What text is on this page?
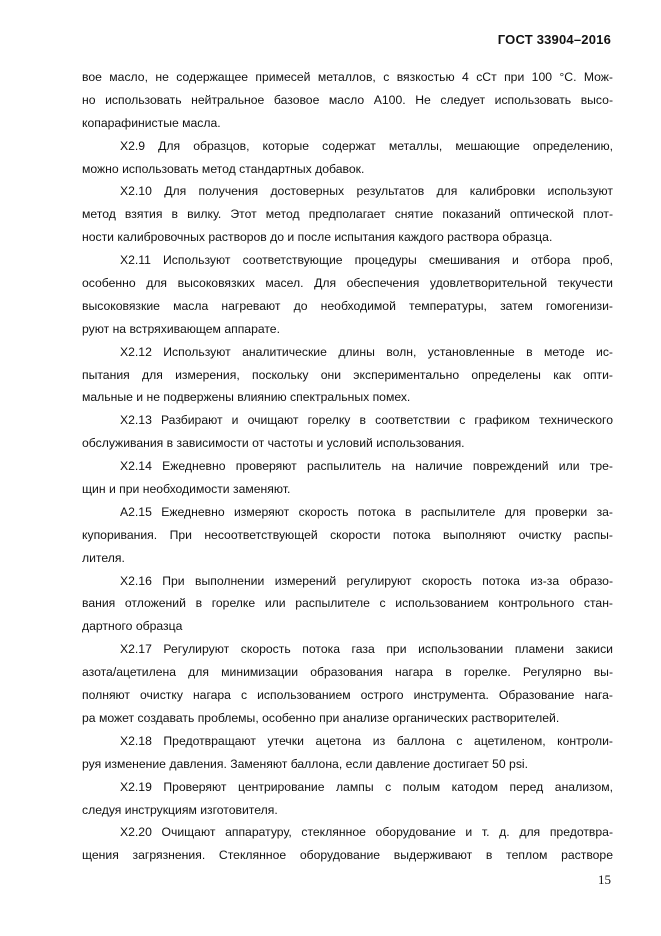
ГОСТ 33904–2016
вое масло, не содержащее примесей металлов, с вязкостью 4 сСт при 100 °С. Мож-
но использовать нейтральное базовое масло А100. Не следует использовать высо-
копарафинистые масла.
Х2.9 Для образцов, которые содержат металлы, мешающие определению,
можно использовать метод стандартных добавок.
Х2.10 Для получения достоверных результатов для калибровки используют
метод взятия в вилку. Этот метод предполагает снятие показаний оптической плот-
ности калибровочных растворов до и после испытания каждого раствора образца.
Х2.11 Используют соответствующие процедуры смешивания и отбора проб,
особенно для высоковязких масел. Для обеспечения удовлетворительной текучести
высоковязкие масла нагревают до необходимой температуры, затем гомогенизи-
руют на встряхивающем аппарате.
Х2.12 Используют аналитические длины волн, установленные в методе ис-
пытания для измерения, поскольку они экспериментально определены как опти-
мальные и не подвержены влиянию спектральных помех.
Х2.13 Разбирают и очищают горелку в соответствии с графиком технического
обслуживания в зависимости от частоты и условий использования.
Х2.14 Ежедневно проверяют распылитель на наличие повреждений или тре-
щин и при необходимости заменяют.
А2.15 Ежедневно измеряют скорость потока в распылителе для проверки за-
купоривания. При несоответствующей скорости потока выполняют очистку распы-
лителя.
Х2.16 При выполнении измерений регулируют скорость потока из-за образо-
вания отложений в горелке или распылителе с использованием контрольного стан-
дартного образца
Х2.17 Регулируют скорость потока газа при использовании пламени закиси
азота/ацетилена для минимизации образования нагара в горелке. Регулярно вы-
полняют очистку нагара с использованием острого инструмента. Образование нага-
ра может создавать проблемы, особенно при анализе органических растворителей.
Х2.18 Предотвращают утечки ацетона из баллона с ацетиленом, контроли-
руя изменение давления. Заменяют баллона, если давление достигает 50 psi.
Х2.19 Проверяют центрирование лампы с полым катодом перед анализом,
следуя инструкциям изготовителя.
Х2.20 Очищают аппаратуру, стеклянное оборудование и т. д. для предотвра-
щения загрязнения. Стеклянное оборудование выдерживают в теплом растворе
15
